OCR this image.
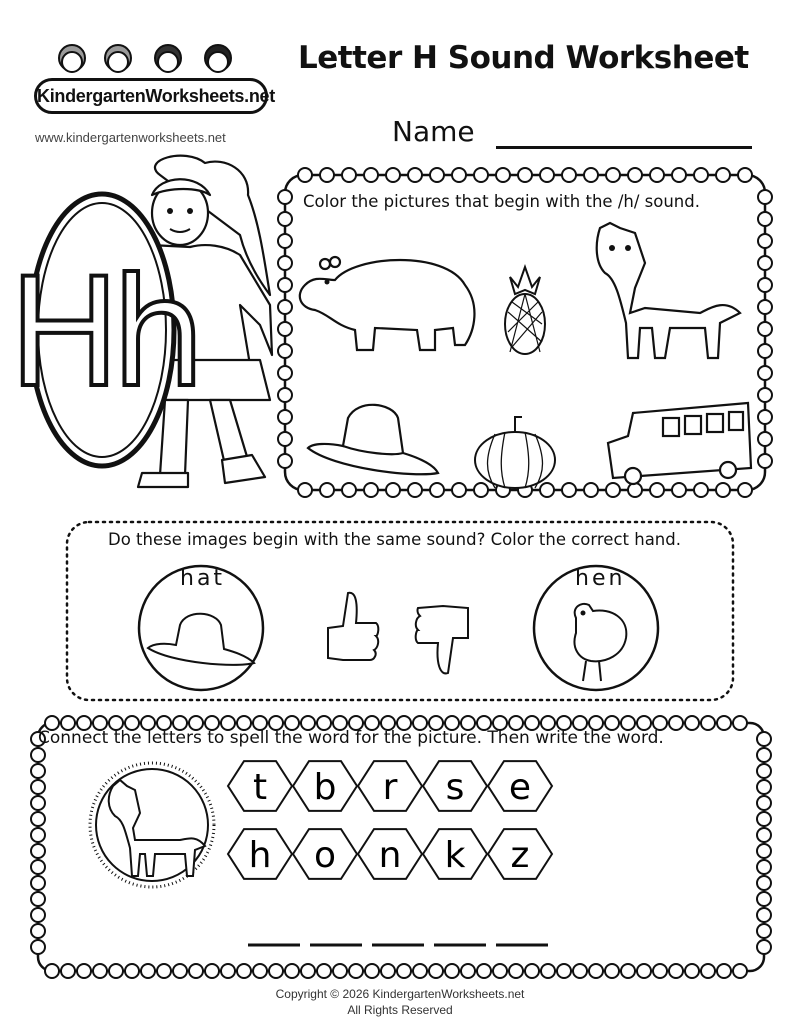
KindergartenWorksheets.net
www.kindergartenworksheets.net
Letter H Sound Worksheet
Name
Hh
Color the pictures that begin with the /h/ sound.
Do these images begin with the same sound? Color the correct hand.
hat	hen
Connect the letters to spell the word for the picture. Then write the word.
t b r s e
h o n k z
Copyright © 2026 KindergartenWorksheets.net
All Rights Reserved
